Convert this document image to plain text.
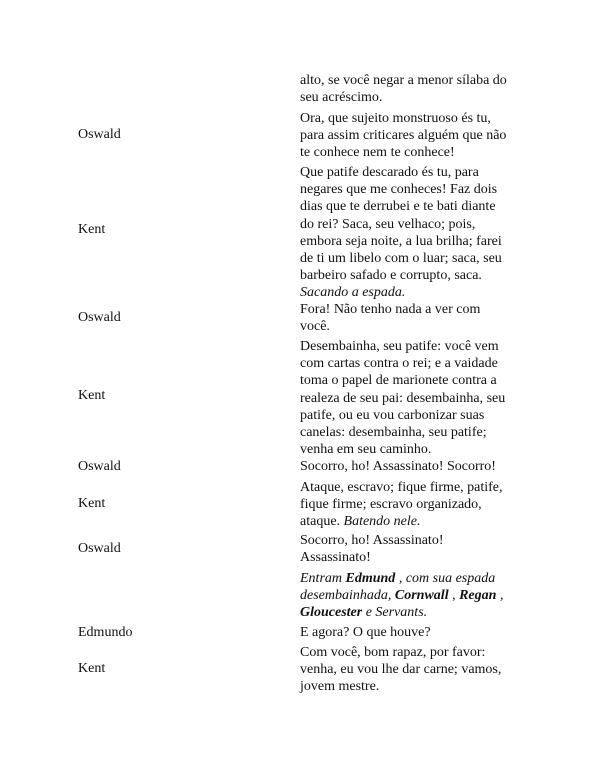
alto, se você negar a menor sílaba do
seu acréscimo.
Oswald
Ora, que sujeito monstruoso és tu,
para assim criticares alguém que não
te conhece nem te conhece!
Kent
Que patife descarado és tu, para
negares que me conheces! Faz dois
dias que te derrubei e te bati diante
do rei? Saca, seu velhaco; pois,
embora seja noite, a lua brilha; farei
de ti um libelo com o luar; saca, seu
barbeiro safado e corrupto, saca.
Sacando a espada.
Oswald
Fora! Não tenho nada a ver com
você.
Kent
Desembainha, seu patife: você vem
com cartas contra o rei; e a vaidade
toma o papel de marionete contra a
realeza de seu pai: desembainha, seu
patife, ou eu vou carbonizar suas
canelas: desembainha, seu patife;
venha em seu caminho.
Oswald	Socorro, ho! Assassinato! Socorro!
Kent
Ataque, escravo; fique firme, patife,
fique firme; escravo organizado,
ataque. Batendo nele.
Oswald
Socorro, ho! Assassinato!
Assassinato!
Entram Edmund , com sua espada
desembainhada, Cornwall , Regan ,
Gloucester e Servants.
Edmundo	E agora? O que houve?
Kent
Com você, bom rapaz, por favor:
venha, eu vou lhe dar carne; vamos,
jovem mestre.
